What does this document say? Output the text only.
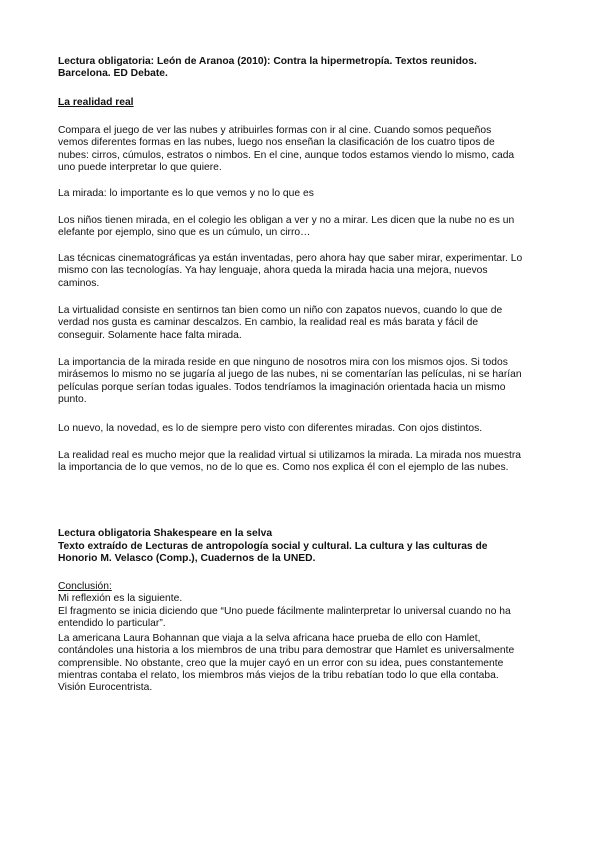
Lectura obligatoria: León de Aranoa (2010): Contra la hipermetropía. Textos reunidos. Barcelona. ED Debate.

La realidad real

Compara el juego de ver las nubes y atribuirles formas con ir al cine. Cuando somos pequeños vemos diferentes formas en las nubes, luego nos enseñan la clasificación de los cuatro tipos de nubes: cirros, cúmulos, estratos o nimbos. En el cine, aunque todos estamos viendo lo mismo, cada uno puede interpretar lo que quiere.

La mirada: lo importante es lo que vemos y no lo que es

Los niños tienen mirada, en el colegio les obligan a ver y no a mirar. Les dicen que la nube no es un elefante por ejemplo, sino que es un cúmulo, un cirro…

Las técnicas cinematográficas ya están inventadas, pero ahora hay que saber mirar, experimentar. Lo mismo con las tecnologías. Ya hay lenguaje, ahora queda la mirada hacia una mejora, nuevos caminos.

La virtualidad consiste en sentirnos tan bien como un niño con zapatos nuevos, cuando lo que de verdad nos gusta es caminar descalzos. En cambio, la realidad real es más barata y fácil de conseguir. Solamente hace falta mirada.

La importancia de la mirada reside en que ninguno de nosotros mira con los mismos ojos. Si todos mirásemos lo mismo no se jugaría al juego de las nubes, ni se comentarían las películas, ni se harían películas porque serían todas iguales. Todos tendríamos la imaginación orientada hacia un mismo punto.

Lo nuevo, la novedad, es lo de siempre pero visto con diferentes miradas. Con ojos distintos.

La realidad real es mucho mejor que la realidad virtual si utilizamos la mirada. La mirada nos muestra la importancia de lo que vemos, no de lo que es. Como nos explica él con el ejemplo de las nubes.

Lectura obligatoria Shakespeare en la selva

Texto extraído de Lecturas de antropología social y cultural. La cultura y las culturas de Honorio M. Velasco (Comp.), Cuadernos de la UNED.

Conclusión:

Mi reflexión es la siguiente.

El fragmento se inicia diciendo que “Uno puede fácilmente malinterpretar lo universal cuando no ha entendido lo particular”.

La americana Laura Bohannan que viaja a la selva africana hace prueba de ello con Hamlet, contándoles una historia a los miembros de una tribu para demostrar que Hamlet es universalmente comprensible. No obstante, creo que la mujer cayó en un error con su idea, pues constantemente mientras contaba el relato, los miembros más viejos de la tribu rebatían todo lo que ella contaba. Visión Eurocentrista.
